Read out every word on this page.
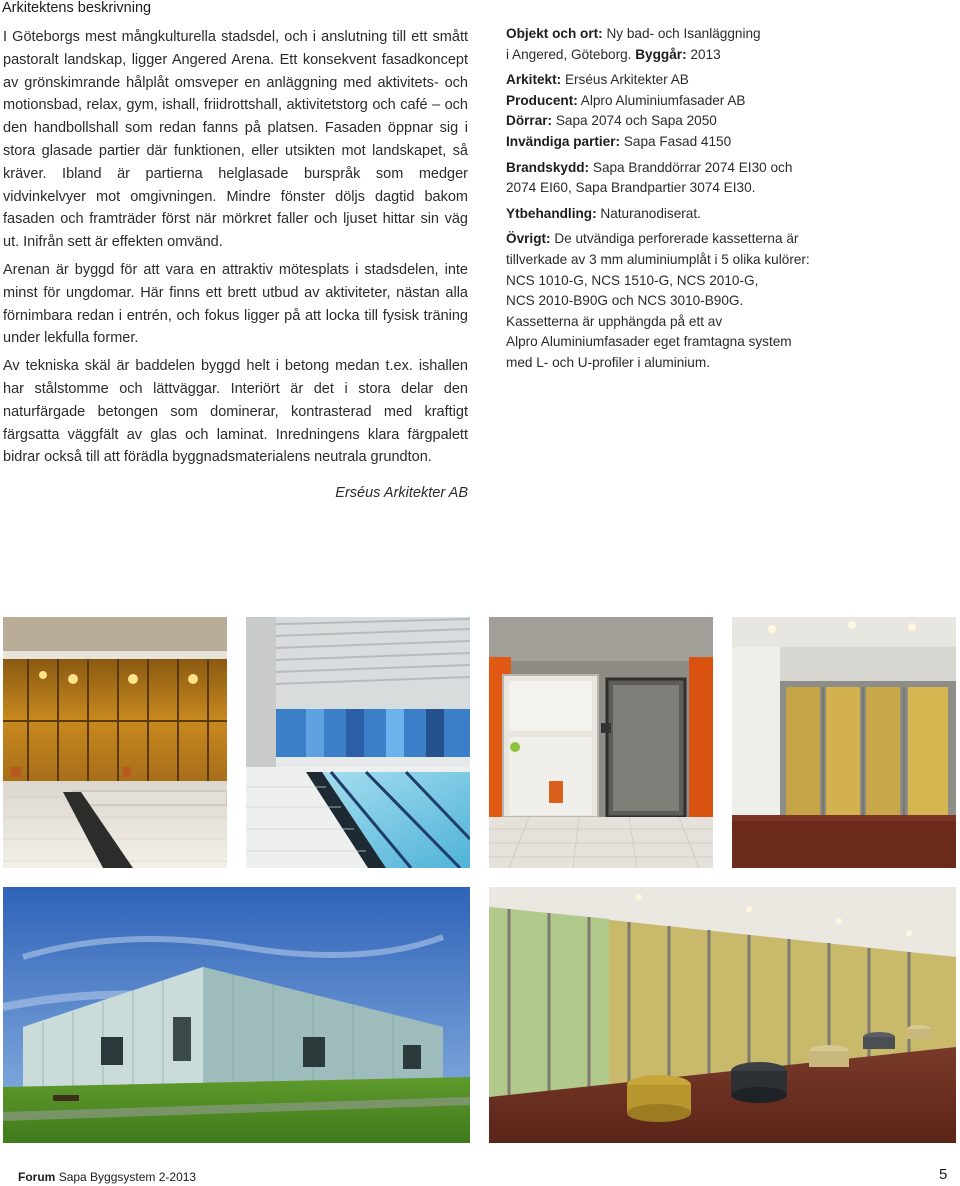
Arkitektens beskrivning

I Göteborgs mest mångkulturella stadsdel, och i anslutning till ett smått pastoralt landskap, ligger Angered Arena. Ett konsekvent fasadkoncept av grönskimrande hålplåt omsveper en anläggning med aktivitets- och motionsbad, relax, gym, ishall, friidrottshall, aktivitetstorg och café – och den handbollshall som redan fanns på platsen. Fasaden öppnar sig i stora glasade partier där funktionen, eller utsikten mot landskapet, så kräver. Ibland är partierna helglasade burspråk som medger vidvinkelvyer mot omgivningen. Mindre fönster döljs dagtid bakom fasaden och framträder först när mörkret faller och ljuset hittar sin väg ut. Inifrån sett är effekten omvänd.

Arenan är byggd för att vara en attraktiv mötesplats i stadsdelen, inte minst för ungdomar. Här finns ett brett utbud av aktiviteter, nästan alla förnimbara redan i entrén, och fokus ligger på att locka till fysisk träning under lekfulla former.

Av tekniska skäl är baddelen byggd helt i betong medan t.ex. ishallen har stålstomme och lättväggar. Interiört är det i stora delar den naturfärgade betongen som dominerar, kontrasterad med kraftigt färgsatta väggfält av glas och laminat. Inredningens klara färgpalett bidrar också till att förädla byggnadsmaterialens neutrala grundton.

Erséus Arkitekter AB
Objekt och ort: Ny bad- och Isanläggning
i Angered, Göteborg. Byggår: 2013
Arkitekt: Erséus Arkitekter AB
Producent: Alpro Aluminiumfasader AB
Dörrar: Sapa 2074 och Sapa 2050
Invändiga partier: Sapa Fasad 4150
Brandskydd: Sapa Branddörrar 2074 EI30 och
2074 EI60, Sapa Brandpartier 3074 EI30.
Ytbehandling: Naturanodiserat.
Övrigt: De utvändiga perforerade kassetterna är
tillverkade av 3 mm aluminiumplåt i 5 olika kulörer:
NCS 1010-G, NCS 1510-G, NCS 2010-G,
NCS 2010-B90G och NCS 3010-B90G.
Kassetterna är upphängda på ett av
Alpro Aluminiumfasader eget framtagna system
med L- och U-profiler i aluminium.
Forum Sapa Byggsystem 2-2013	5
